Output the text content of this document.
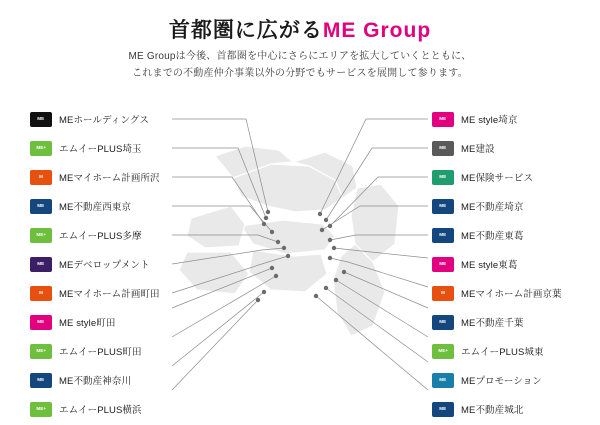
首都圏に広がるME Group
ME Groupは今後、首都圏を中心にさらにエリアを拡大していくとともに、
これまでの不動産仲介事業以外の分野でもサービスを展開して参ります。
ME MEホールディングス
ME+ エムイーPLUS埼玉
M MEマイホーム計画所沢
ME ME不動産西東京
ME+ エムイーPLUS多摩
ME MEデベロップメント
M MEマイホーム計画町田
ME ME style町田
ME+ エムイーPLUS町田
ME ME不動産神奈川
ME+ エムイーPLUS横浜
ME ME style埼京
ME ME建設
ME ME保険サービス
ME ME不動産埼京
ME ME不動産東葛
ME ME style東葛
M MEマイホーム計画京葉
ME ME不動産千葉
ME+ エムイーPLUS城東
ME MEプロモーション
ME ME不動産城北
